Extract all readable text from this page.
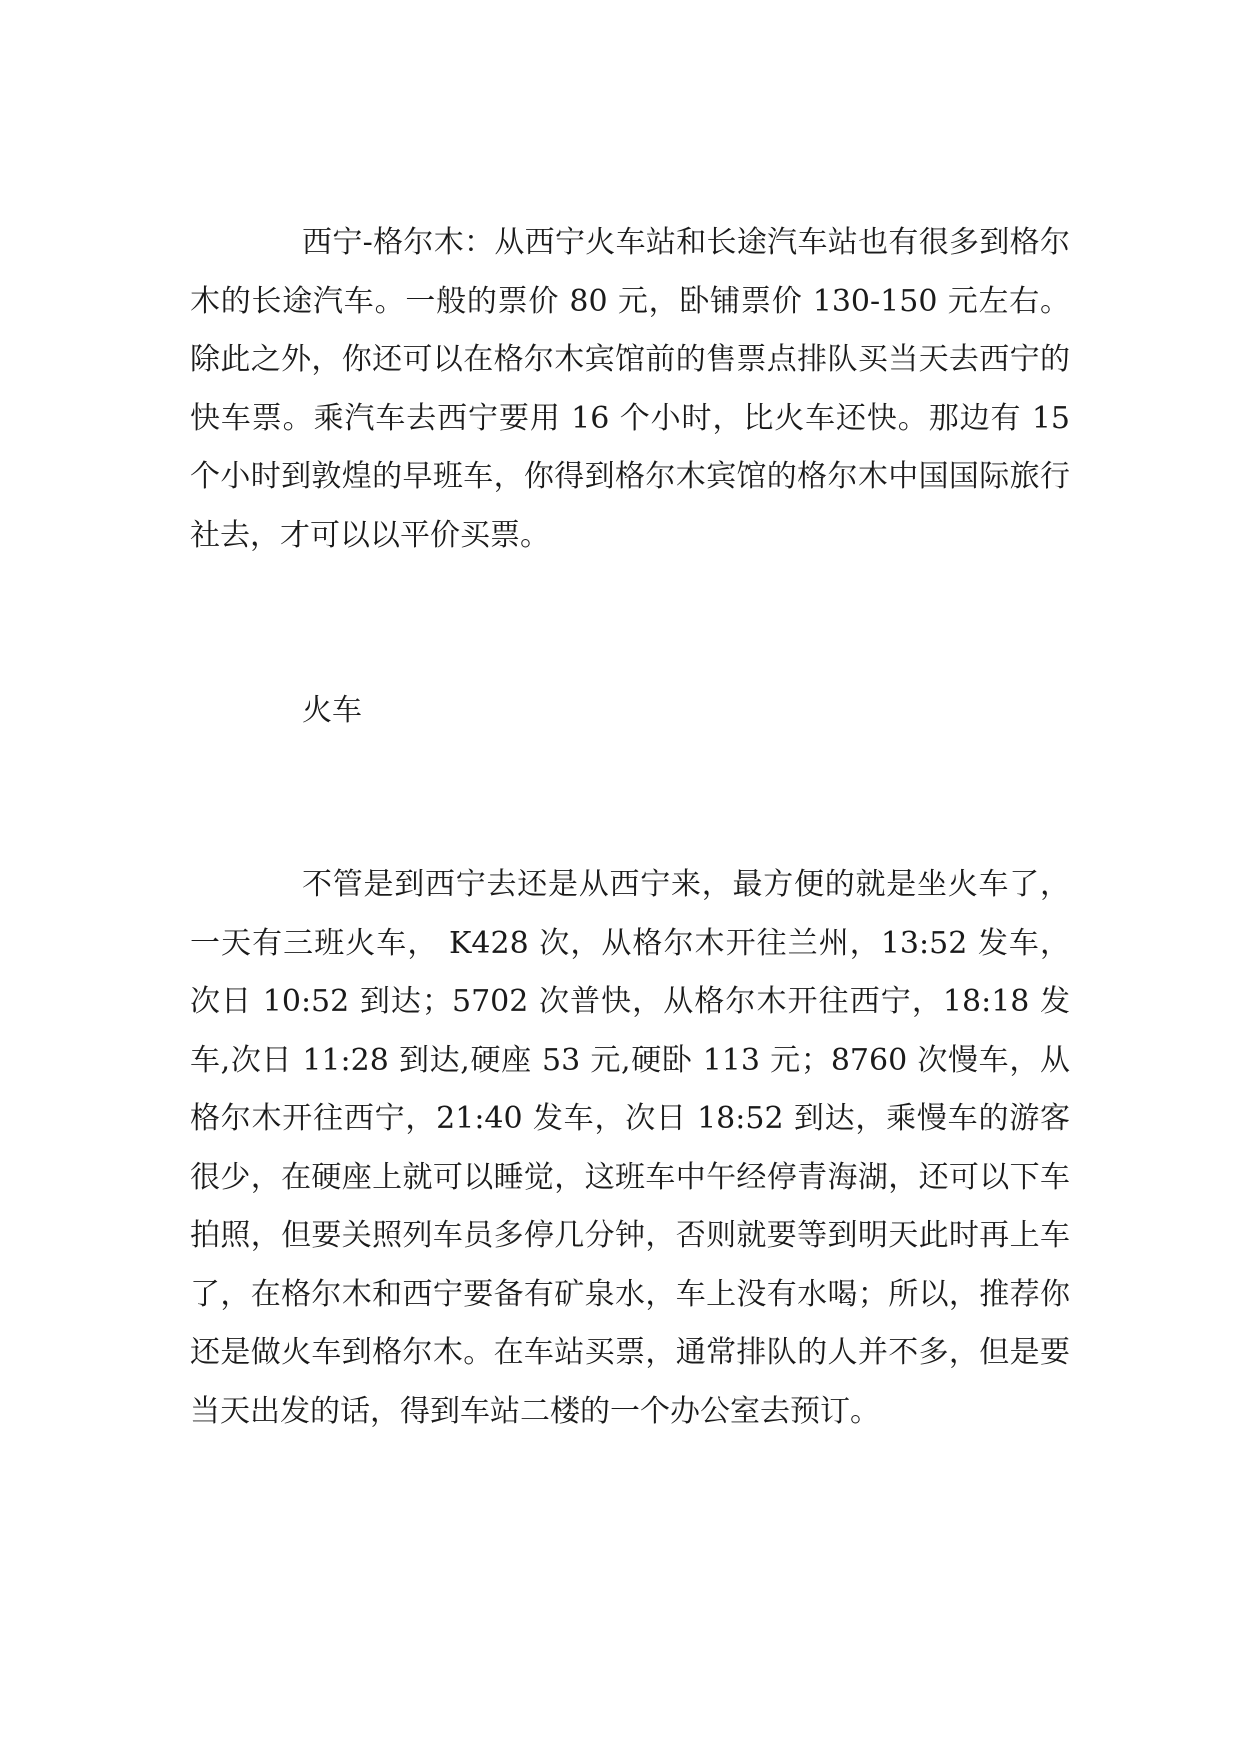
西宁-格尔木：从西宁火车站和长途汽车站也有很多到格尔木的长途汽车。一般的票价 80 元，卧铺票价 130-150 元左右。 除此之外，你还可以在格尔木宾馆前的售票点排队买当天去西宁的快车票。乘汽车去西宁要用 16 个小时，比火车还快。那边有 15 个小时到敦煌的早班车，你得到格尔木宾馆的格尔木中国国际旅行社去，才可以以平价买票。

火车

不管是到西宁去还是从西宁来，最方便的就是坐火车了，一天有三班火车， K428 次，从格尔木开往兰州，13:52 发车，次日 10:52 到达；5702 次普快，从格尔木开往西宁，18:18 发车,次日 11:28 到达,硬座 53 元,硬卧 113 元；8760 次慢车，从格尔木开往西宁，21:40 发车，次日 18:52 到达，乘慢车的游客很少，在硬座上就可以睡觉，这班车中午经停青海湖，还可以下车拍照，但要关照列车员多停几分钟，否则就要等到明天此时再上车了，在格尔木和西宁要备有矿泉水，车上没有水喝；所以，推荐你还是做火车到格尔木。在车站买票，通常排队的人并不多，但是要当天出发的话，得到车站二楼的一个办公室去预订。
